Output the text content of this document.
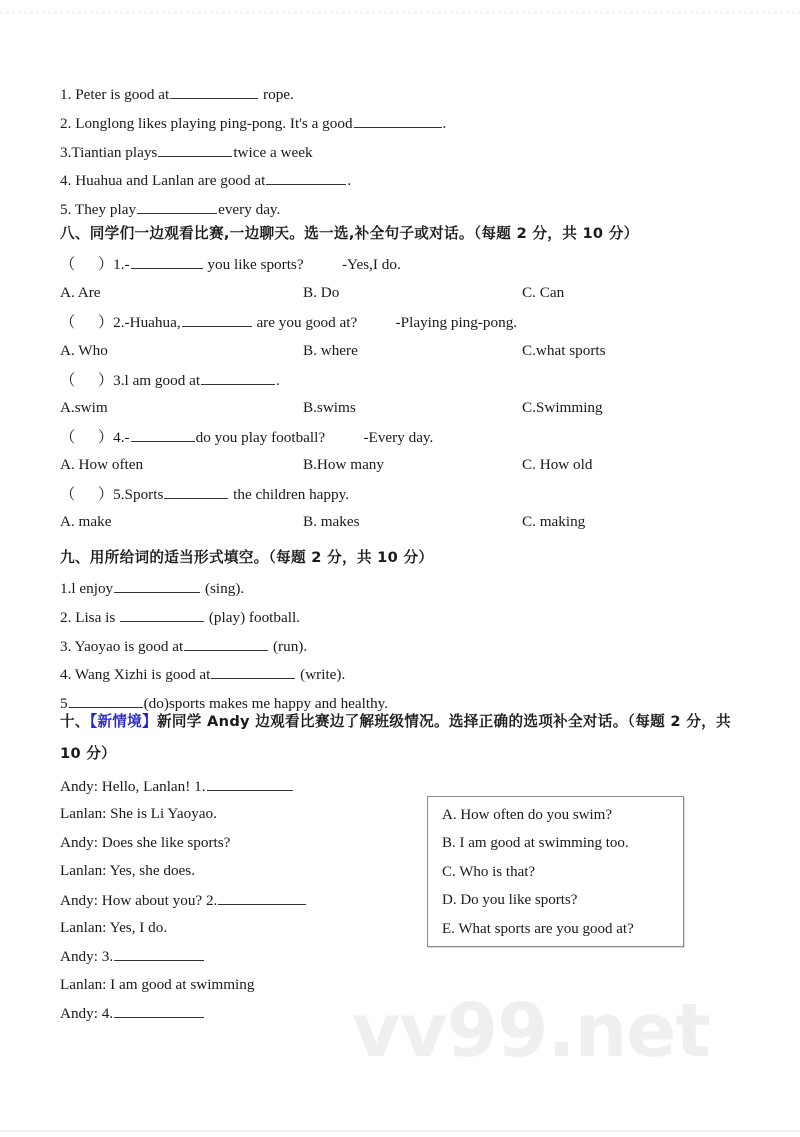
1. Peter is good at	rope.
2. Longlong likes playing ping-pong. It's a good	.
3.Tiantian plays	twice a week
4. Huahua and Lanlan are good at	.
5. They play	every day.
八、同学们一边观看比赛,一边聊天。选一选,补全句子或对话。（每题 2 分，共 10 分）
（      ）1.-	you like sports?        -Yes,I do.
A. Are	B. Do	C. Can
（      ）2.-Huahua,	are you good at?        -Playing ping-pong.
A. Who	B. where	C.what sports
（      ）3.l am good at	.
A.swim	B.swims	C.Swimming
（      ）4.-	do you play football?        -Every day.
A. How often	B.How many	C. How old
（      ）5.Sports	the children happy.
A. make	B. makes	C. making
九、用所给词的适当形式填空。（每题 2 分，共 10 分）
1.l enjoy	(sing).
2. Lisa is	(play) football.
3. Yaoyao is good at	(run).
4. Wang Xizhi is good at	(write).
5	(do)sports makes me happy and healthy.
十、【新情境】新同学 Andy 边观看比赛边了解班级情况。选择正确的选项补全对话。（每题 2 分，共
10 分）
Andy: Hello, Lanlan! 1.
Lanlan: She is Li Yaoyao.
Andy: Does she like sports?
Lanlan: Yes, she does.
Andy: How about you? 2.
Lanlan: Yes, I do.
Andy: 3.
Lanlan: I am good at swimming
Andy: 4.
A. How often do you swim?
B. I am good at swimming too.
C. Who is that?
D. Do you like sports?
E. What sports are you good at?
vv99.net
